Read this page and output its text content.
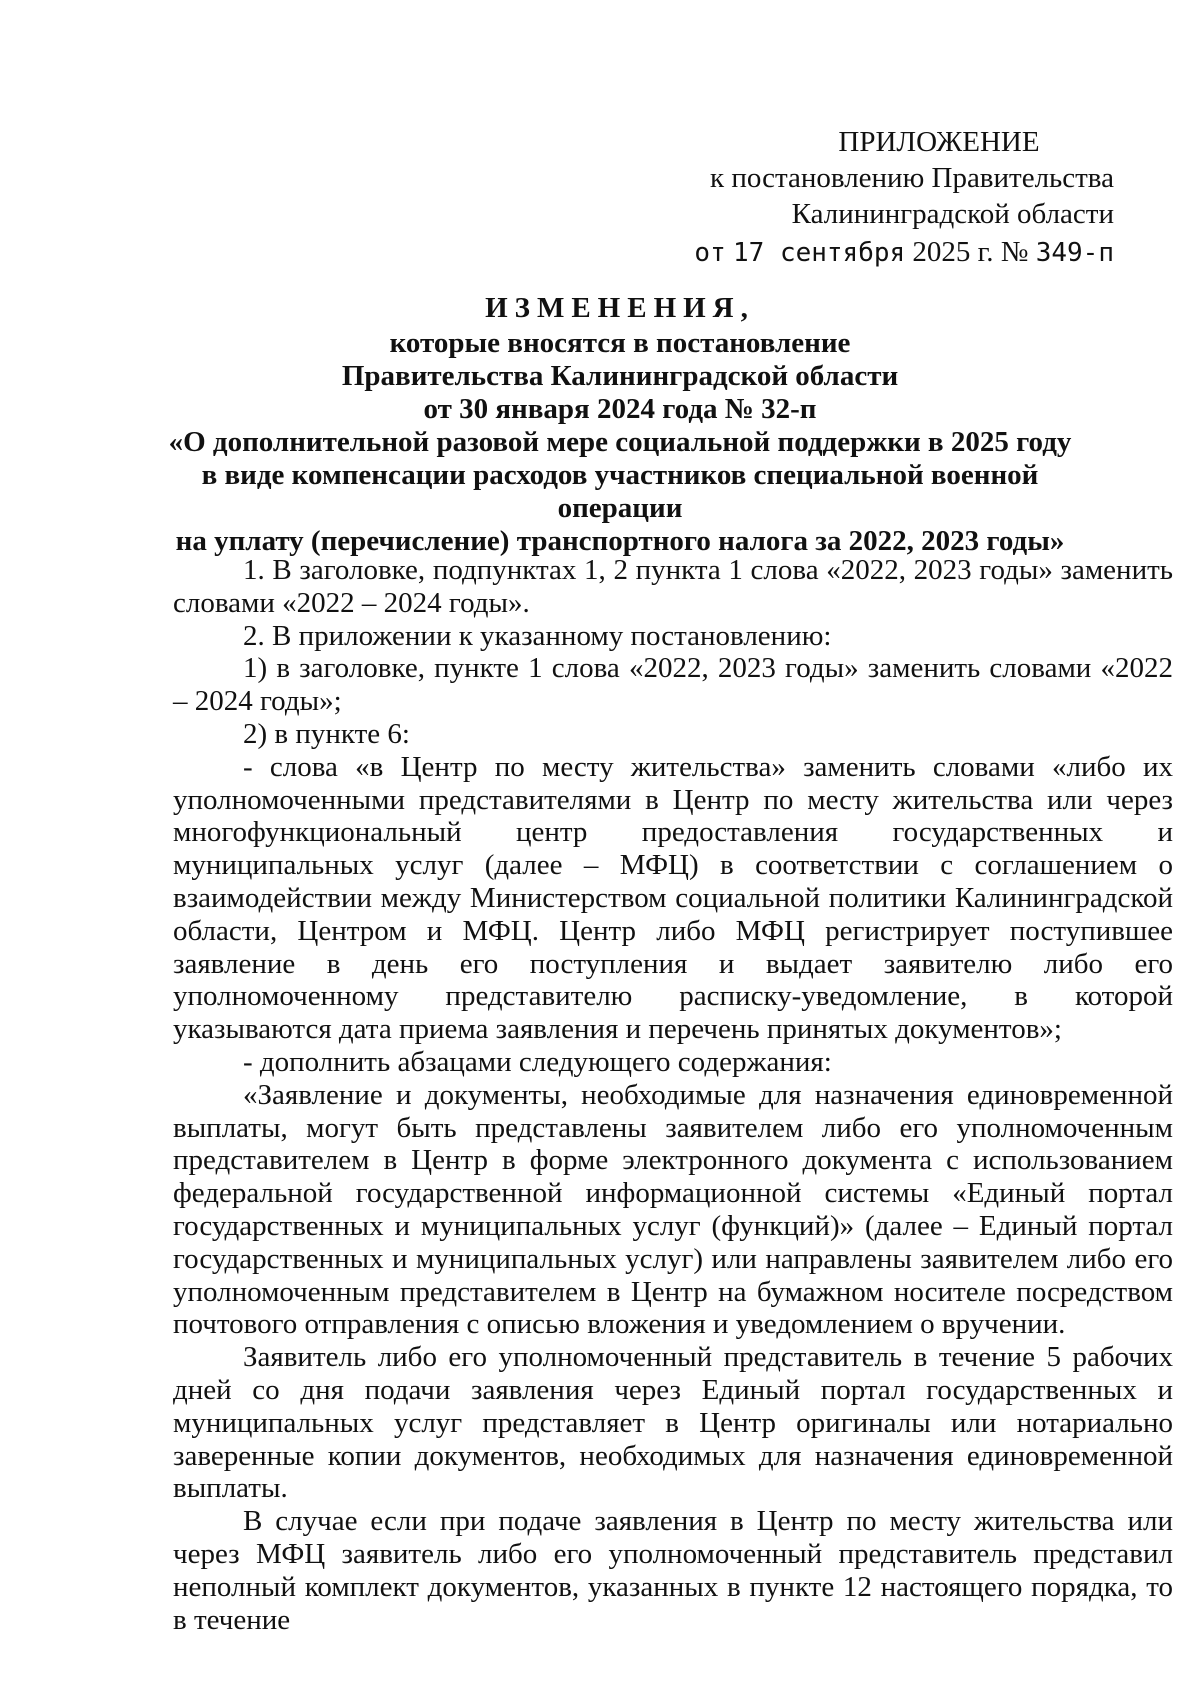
ПРИЛОЖЕНИЕ
к постановлению Правительства
Калининградской области
от 17 сентября 2025 г. № 349-п
ИЗМЕНЕНИЯ,
которые вносятся в постановление
Правительства Калининградской области
от 30 января 2024 года № 32-п
«О дополнительной разовой мере социальной поддержки в 2025 году
в виде компенсации расходов участников специальной военной операции
на уплату (перечисление) транспортного налога за 2022, 2023 годы»

1. В заголовке, подпунктах 1, 2 пункта 1 слова «2022, 2023 годы» заменить словами «2022 – 2024 годы».

2. В приложении к указанному постановлению:

1) в заголовке, пункте 1 слова «2022, 2023 годы» заменить словами «2022 – 2024 годы»;

2) в пункте 6:

- слова «в Центр по месту жительства» заменить словами «либо их уполномоченными представителями в Центр по месту жительства или через многофункциональный центр предоставления государственных и муниципальных услуг (далее – МФЦ) в соответствии с соглашением о взаимодействии между Министерством социальной политики Калининградской области, Центром и МФЦ. Центр либо МФЦ регистрирует поступившее заявление в день его поступления и выдает заявителю либо его уполномоченному представителю расписку-уведомление, в которой указываются дата приема заявления и перечень принятых документов»;

- дополнить абзацами следующего содержания:

«Заявление и документы, необходимые для назначения единовременной выплаты, могут быть представлены заявителем либо его уполномоченным представителем в Центр в форме электронного документа с использованием федеральной государственной информационной системы «Единый портал государственных и муниципальных услуг (функций)» (далее – Единый портал государственных и муниципальных услуг) или направлены заявителем либо его уполномоченным представителем в Центр на бумажном носителе посредством почтового отправления с описью вложения и уведомлением о вручении.

Заявитель либо его уполномоченный представитель в течение 5 рабочих дней со дня подачи заявления через Единый портал государственных и муниципальных услуг представляет в Центр оригиналы или нотариально заверенные копии документов, необходимых для назначения единовременной выплаты.

В случае если при подаче заявления в Центр по месту жительства или через МФЦ заявитель либо его уполномоченный представитель представил неполный комплект документов, указанных в пункте 12 настоящего порядка, то в течение
